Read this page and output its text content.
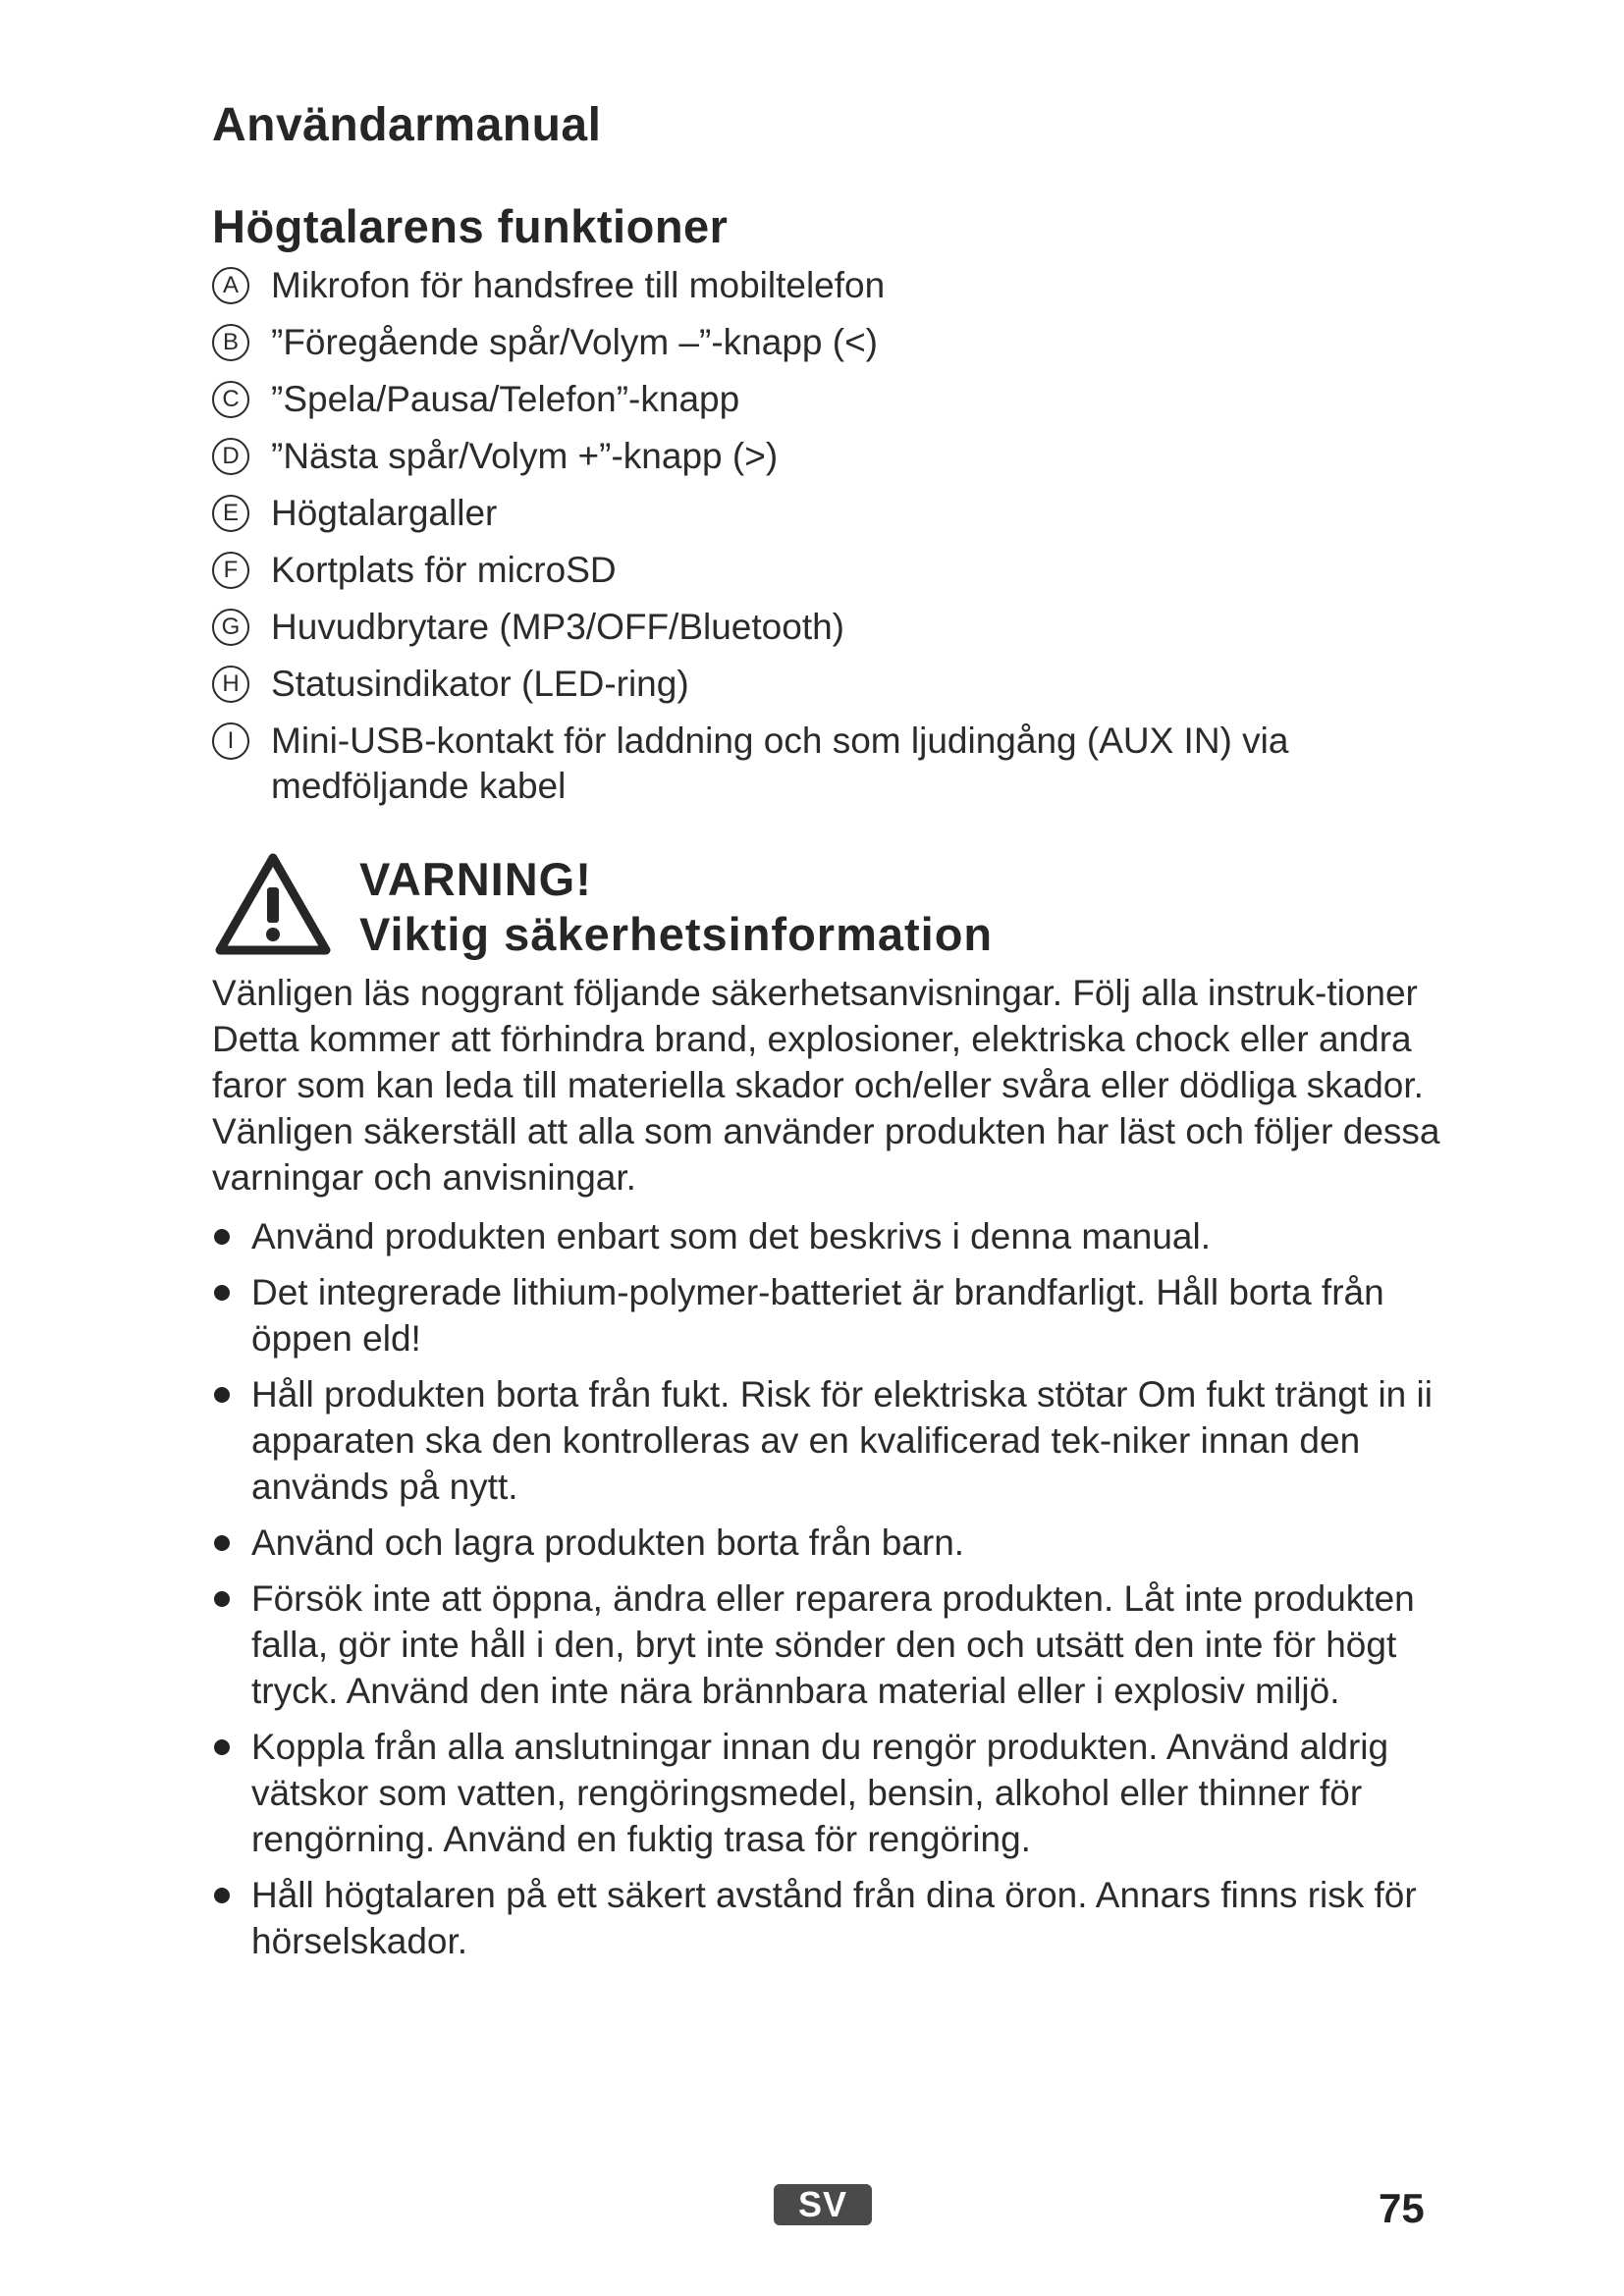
Användarmanual
Högtalarens funktioner
A Mikrofon för handsfree till mobiltelefon
B ”Föregående spår/Volym –”-knapp (<)
C ”Spela/Pausa/Telefon”-knapp
D ”Nästa spår/Volym +”-knapp (>)
E Högtalargaller
F Kortplats för microSD
G Huvudbrytare (MP3/OFF/Bluetooth)
H Statusindikator (LED-ring)
I	Mini-USB-kontakt för laddning och som ljudingång (AUX IN) via medföljande kabel
VARNING!
Viktig säkerhetsinformation

Vänligen läs noggrant följande säkerhetsanvisningar. Följ alla instruk-tioner Detta kommer att förhindra brand, explosioner, elektriska chock eller andra faror som kan leda till materiella skador och/eller svåra eller dödliga skador. Vänligen säkerställ att alla som använder produkten har läst och följer dessa varningar och anvisningar.

Använd produkten enbart som det beskrivs i denna manual.
Det integrerade lithium-polymer-batteriet är brandfarligt. Håll borta från öppen eld!
Håll produkten borta från fukt. Risk för elektriska stötar Om fukt trängt in ii apparaten ska den kontrolleras av en kvalificerad tek-niker innan den används på nytt.
Använd och lagra produkten borta från barn.
Försök inte att öppna, ändra eller reparera produkten. Låt inte produkten falla, gör inte håll i den, bryt inte sönder den och utsätt den inte för högt tryck. Använd den inte nära brännbara material eller i explosiv miljö.
Koppla från alla anslutningar innan du rengör produkten. Använd aldrig vätskor som vatten, rengöringsmedel, bensin, alkohol eller thinner för rengörning. Använd en fuktig trasa för rengöring.
Håll högtalaren på ett säkert avstånd från dina öron. Annars finns risk för hörselskador.
SV	75
